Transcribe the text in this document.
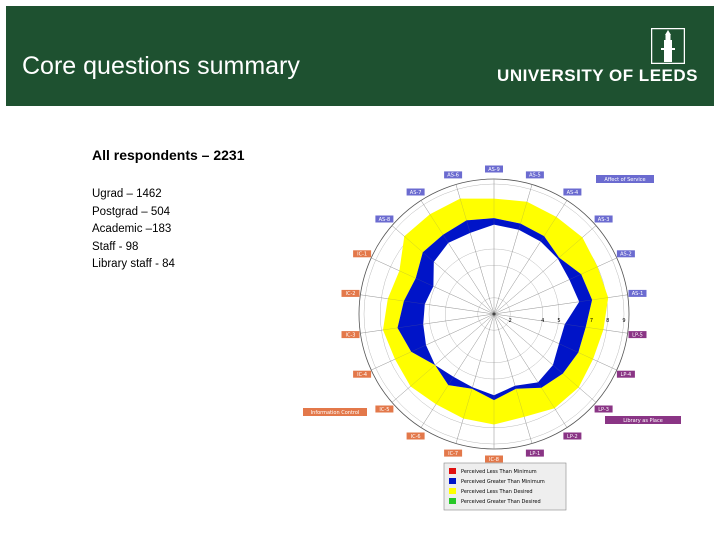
Core questions summary	UNIVERSITY OF LEEDS
All respondents – 2231
Ugrad – 1462
Postgrad – 504
Academic –183
Staff - 98
Library staff - 84
2	4	5	7	8	9
AS-9
AS-5
AS-4
AS-3
AS-2
AS-1
LP-5
LP-4
LP-3
LP-2
LP-1
IC-8
IC-7
IC-6
IC-5
IC-4
IC-3
IC-2
IC-1
AS-8
AS-7
AS-6
Affect of Service
Information Control
Library as Place
Perceived Less Than Minimum
Perceived Greater Than Minimum
Perceived Less Than Desired
Perceived Greater Than Desired
